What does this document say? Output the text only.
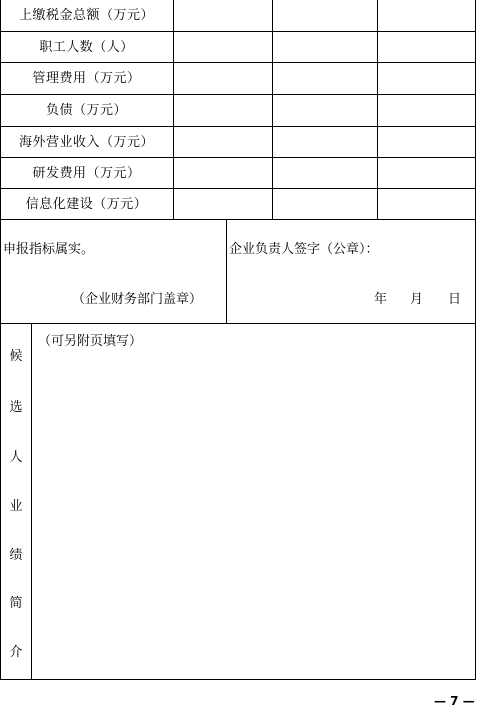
上缴税金总额（万元）
职工人数（人）
管理费用（万元）
负债（万元）
海外营业收入（万元）
研发费用（万元）
信息化建设（万元）
申报指标属实。
（企业财务部门盖章）
企业负责人签字（公章）：
年 月 日
候
选
人
业
绩
简
介
（可另附页填写）
— 7 —
